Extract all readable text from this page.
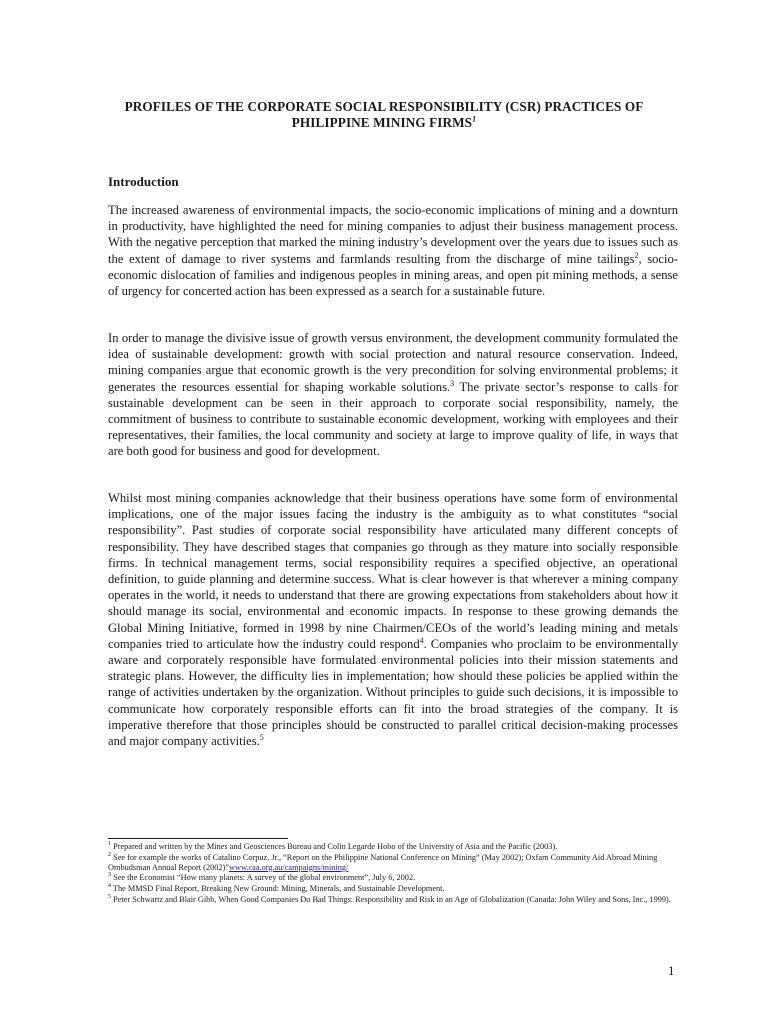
PROFILES OF THE CORPORATE SOCIAL RESPONSIBILITY (CSR) PRACTICES OF
PHILIPPINE MINING FIRMS$^1$
Introduction

The increased awareness of environmental impacts, the socio-economic implications of mining and a downturn in productivity, have highlighted the need for mining companies to adjust their business management process. With the negative perception that marked the mining industry’s development over the years due to issues such as the extent of damage to river systems and farmlands resulting from the discharge of mine tailings$^2$, socio-economic dislocation of families and indigenous peoples in mining areas, and open pit mining methods, a sense of urgency for concerted action has been expressed as a search for a sustainable future.

In order to manage the divisive issue of growth versus environment, the development community formulated the idea of sustainable development: growth with social protection and natural resource conservation. Indeed, mining companies argue that economic growth is the very precondition for solving environmental problems; it generates the resources essential for shaping workable solutions.$^3$ The private sector’s response to calls for sustainable development can be seen in their approach to corporate social responsibility, namely, the commitment of business to contribute to sustainable economic development, working with employees and their representatives, their families, the local community and society at large to improve quality of life, in ways that are both good for business and good for development.

Whilst most mining companies acknowledge that their business operations have some form of environmental implications, one of the major issues facing the industry is the ambiguity as to what constitutes “social responsibility”. Past studies of corporate social responsibility have articulated many different concepts of responsibility. They have described stages that companies go through as they mature into socially responsible firms. In technical management terms, social responsibility requires a specified objective, an operational definition, to guide planning and determine success. What is clear however is that wherever a mining company operates in the world, it needs to understand that there are growing expectations from stakeholders about how it should manage its social, environmental and economic impacts. In response to these growing demands the Global Mining Initiative, formed in 1998 by nine Chairmen/CEOs of the world’s leading mining and metals companies tried to articulate how the industry could respond$^4$. Companies who proclaim to be environmentally aware and corporately responsible have formulated environmental policies into their mission statements and strategic plans. However, the difficulty lies in implementation; how should these policies be applied within the range of activities undertaken by the organization. Without principles to guide such decisions, it is impossible to communicate how corporately responsible efforts can fit into the broad strategies of the company. It is imperative therefore that those principles should be constructed to parallel critical decision-making processes and major company activities.$^5$

$^1$ Prepared and written by the Mines and Geosciences Bureau and Colin Legarde Hobo of the University of Asia and the Pacific (2003).

$^2$ See for example the works of Catalino Corpuz, Jr., “Report on the Philippine National Conference on Mining” (May 2002); Oxfam Community Aid Abroad Mining Ombudsman Annual Report (2002)”www.caa.org.au/campaigns/mining/

$^3$ See the Economist “How many planets: A survey of the global environment”, July 6, 2002.

$^4$ The MMSD Final Report, Breaking New Ground: Mining, Minerals, and Sustainable Development.

$^5$ Peter Schwartz and Blair Gibb, When Good Companies Do Bad Things: Responsibility and Risk in an Age of Globalization (Canada: John Wiley and Sons, Inc., 1999).

1
